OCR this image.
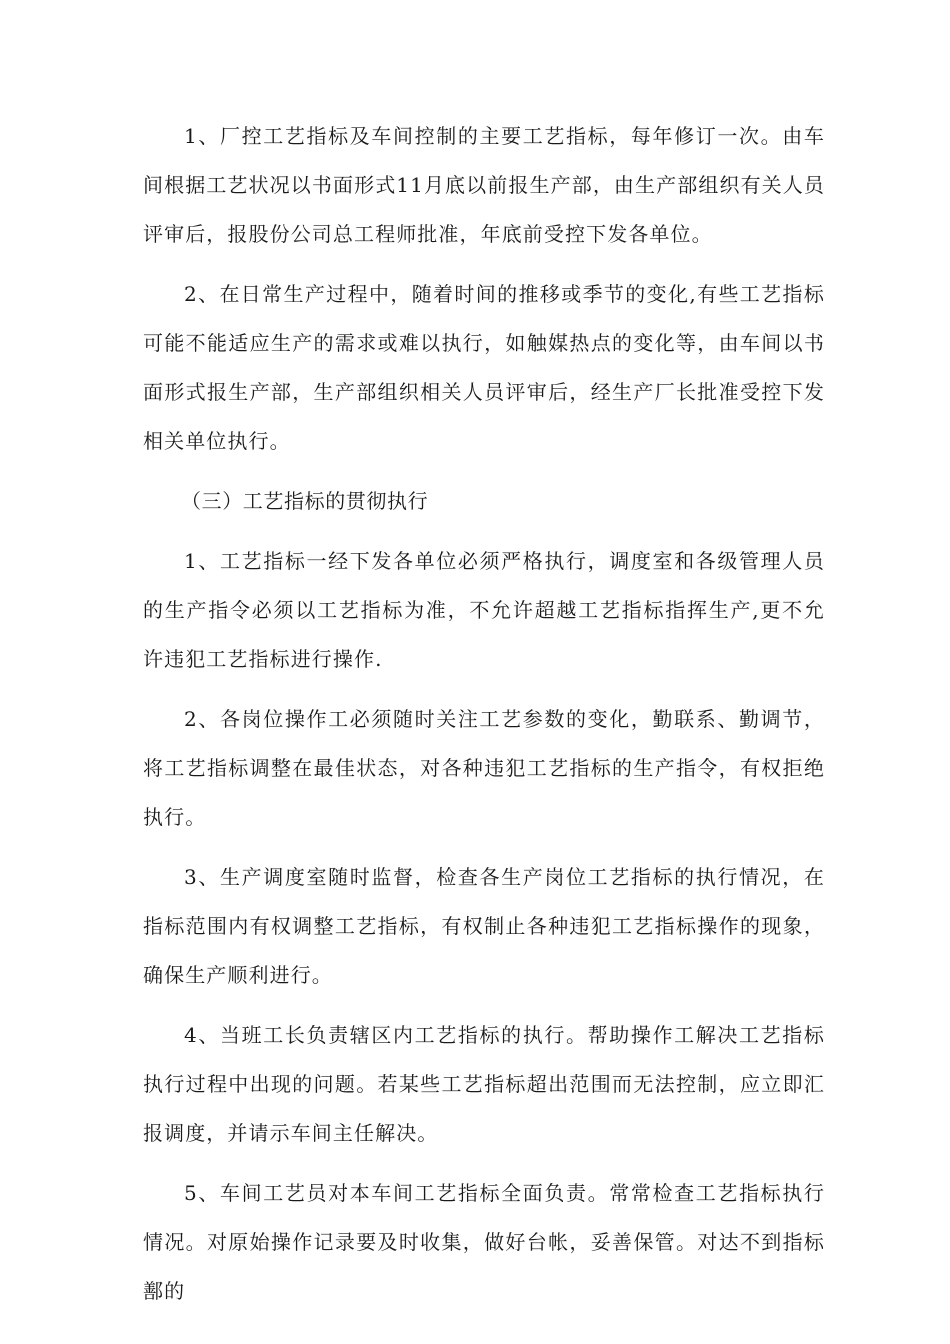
1、厂控工艺指标及车间控制的主要工艺指标，每年修订一次。由车间根据工艺状况以书面形式11月底以前报生产部，由生产部组织有关人员评审后，报股份公司总工程师批准，年底前受控下发各单位。

2、在日常生产过程中，随着时间的推移或季节的变化,有些工艺指标可能不能适应生产的需求或难以执行，如触媒热点的变化等，由车间以书面形式报生产部，生产部组织相关人员评审后，经生产厂长批准受控下发相关单位执行。

（三）工艺指标的贯彻执行

1、工艺指标一经下发各单位必须严格执行，调度室和各级管理人员的生产指令必须以工艺指标为准，不允许超越工艺指标指挥生产,更不允许违犯工艺指标进行操作.

2、各岗位操作工必须随时关注工艺参数的变化，勤联系、勤调节，将工艺指标调整在最佳状态，对各种违犯工艺指标的生产指令，有权拒绝执行。

3、生产调度室随时监督，检查各生产岗位工艺指标的执行情况，在指标范围内有权调整工艺指标，有权制止各种违犯工艺指标操作的现象，确保生产顺利进行。

4、当班工长负责辖区内工艺指标的执行。帮助操作工解决工艺指标执行过程中出现的问题。若某些工艺指标超出范围而无法控制，应立即汇报调度，并请示车间主任解决。

5、车间工艺员对本车间工艺指标全面负责。常常检查工艺指标执行情况。对原始操作记录要及时收集，做好台帐，妥善保管。对达不到指标鄯的
